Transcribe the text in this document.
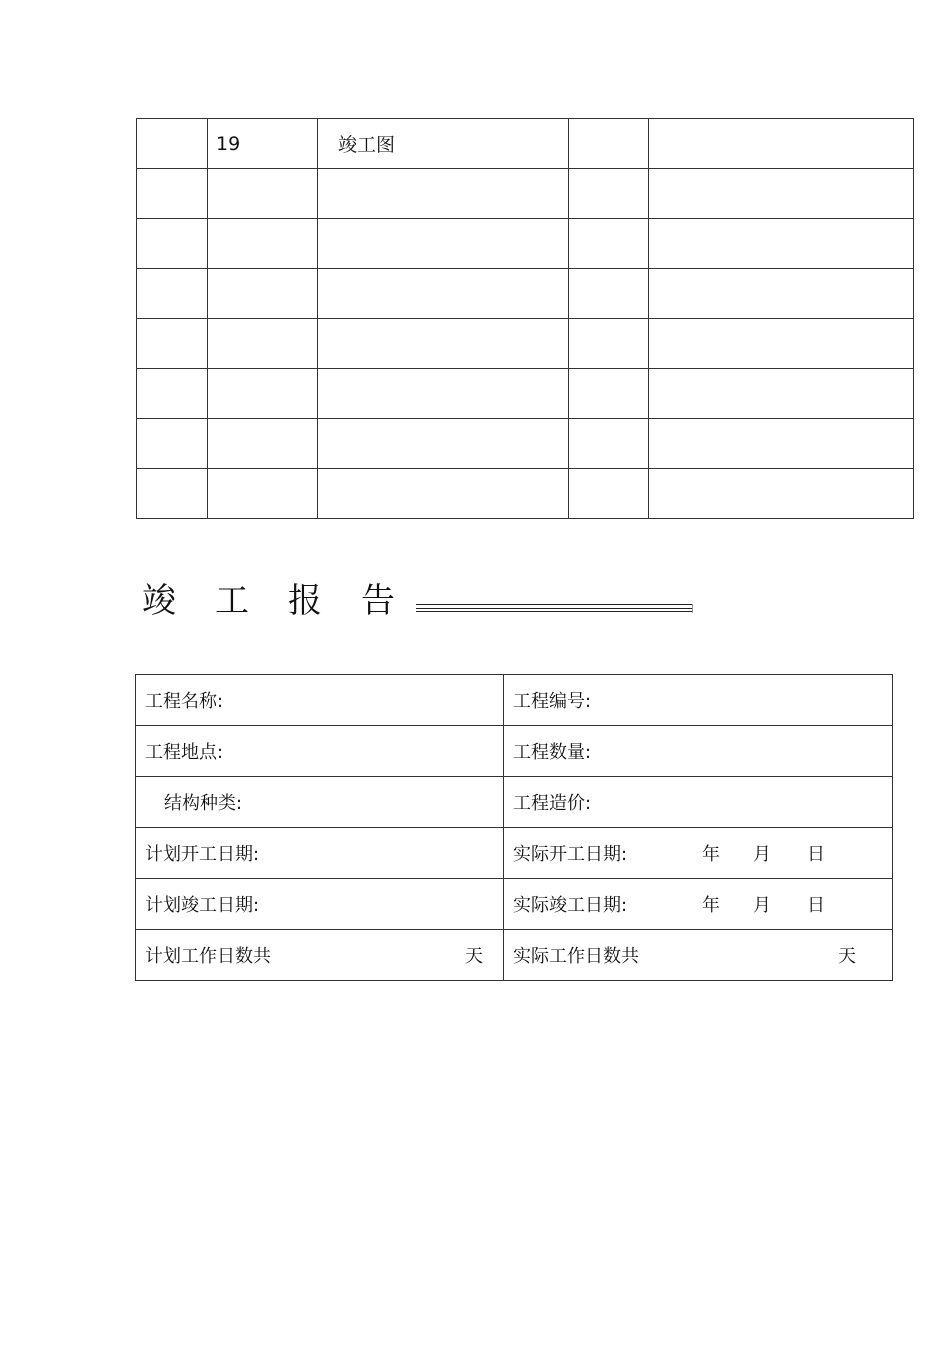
	19	竣工图		

竣工报告
工程名称:	工程编号:
工程地点:	工程数量:
结构种类:	工程造价:
计划开工日期:	实际开工日期: 年 月 日

计划竣工日期:	实际竣工日期: 年 月 日

计划工作日数共 天	实际工作日数共 天
